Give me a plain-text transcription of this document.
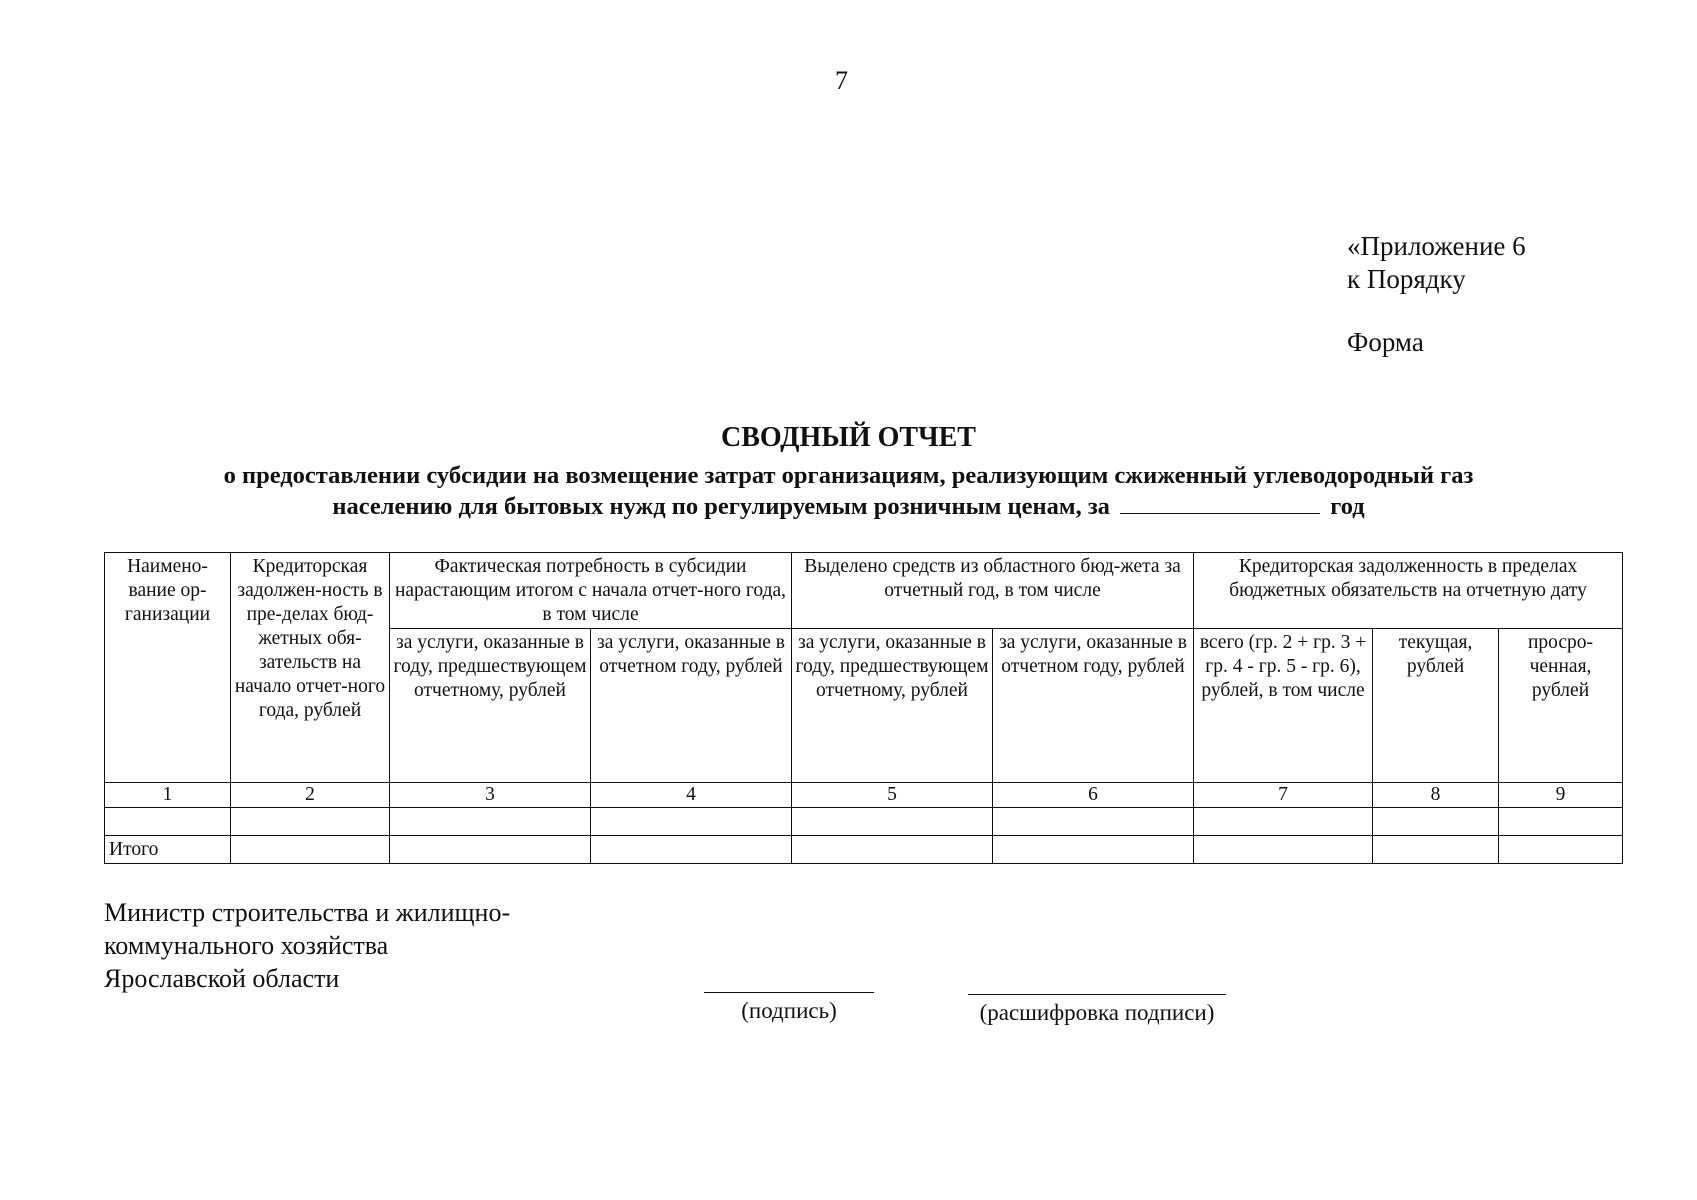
7
«Приложение 6
к Порядку
Форма
СВОДНЫЙ ОТЧЕТ
о предоставлении субсидии на возмещение затрат организациям, реализующим сжиженный углеводородный газ
населению для бытовых нужд по регулируемым розничным ценам, за	год
Наимено-вание ор-ганизации	Кредиторская задолжен-ность в пре-делах бюд-жетных обя-зательств на начало отчет-ного года, рублей	Фактическая потребность в субсидии нарастающим итогом с начала отчет-ного года, в том числе		Выделено средств из областного бюд-жета за отчетный год, в том числе		Кредиторская задолженность в пределах бюджетных обязательств на отчетную дату		
		за услуги, оказанные в году, предшествующем отчетному, рублей	за услуги, оказанные в отчетном году, рублей	за услуги, оказанные в году, предшествующем отчетному, рублей	за услуги, оказанные в отчетном году, рублей	всего (гр. 2 + гр. 3 + гр. 4 - гр. 5 - гр. 6), рублей, в том числе	текущая, рублей	просро-ченная, рублей
1	2	3	4	5	6	7	8	9

Итого								
Министр строительства и жилищно-
коммунального хозяйства
Ярославской области
(подпись)	(расшифровка подписи)
